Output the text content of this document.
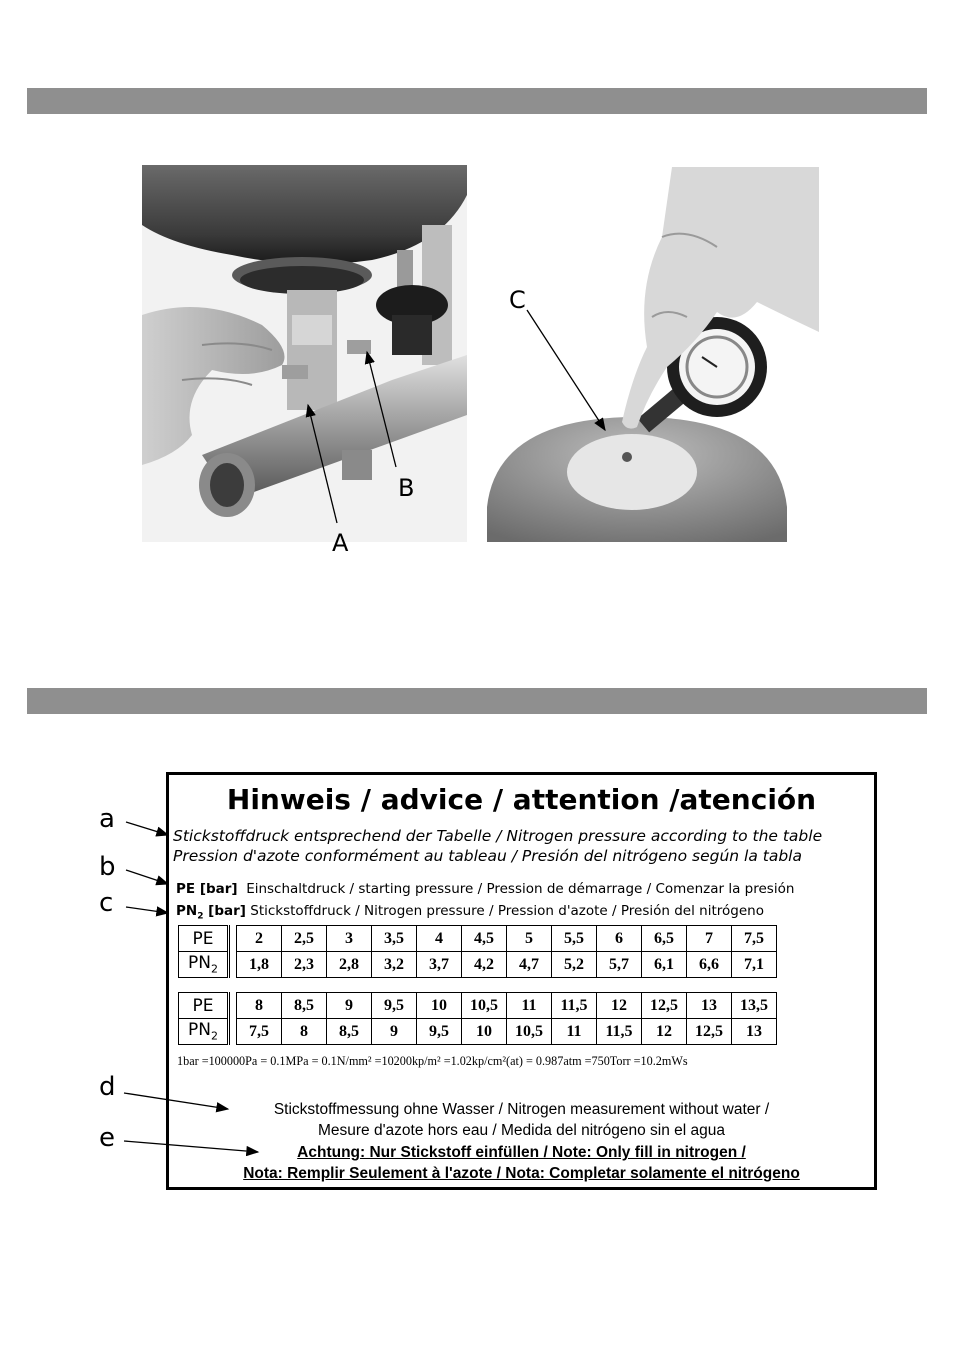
A
B
C
Hinweis / advice / attention /atención
Stickstoffdruck entsprechend der Tabelle / Nitrogen pressure according to the table
Pression d'azote conformément au tableau / Presión del nitrógeno según la tabla
PE [bar] Einschaltdruck / starting pressure / Pression de démarrage / Comenzar la presión
$PN_2$ [bar] Stickstoffdruck / Nitrogen pressure / Pression d'azote / Presión del nitrógeno
PE		2	2,5	3	3,5	4	4,5	5	5,5	6	6,5	7	7,5
$PN_2$		1,8	2,3	2,8	3,2	3,7	4,2	4,7	5,2	5,7	6,1	6,6	7,1
PE		8	8,5	9	9,5	10	10,5	11	11,5	12	12,5	13	13,5
$PN_2$		7,5	8	8,5	9	9,5	10	10,5	11	11,5	12	12,5	13
1bar =100000Pa = 0.1MPa = 0.1N/mm² =10200kp/m² =1.02kp/cm²(at) = 0.987atm =750Torr =10.2mWs
Stickstoffmessung ohne Wasser / Nitrogen measurement without water /
Mesure d'azote hors eau / Medida del nitrógeno sin el agua
Achtung: Nur Stickstoff einfüllen / Note: Only fill in nitrogen /
Nota: Remplir Seulement à l'azote / Nota: Completar solamente el nitrógeno
a
b
c
d
e
